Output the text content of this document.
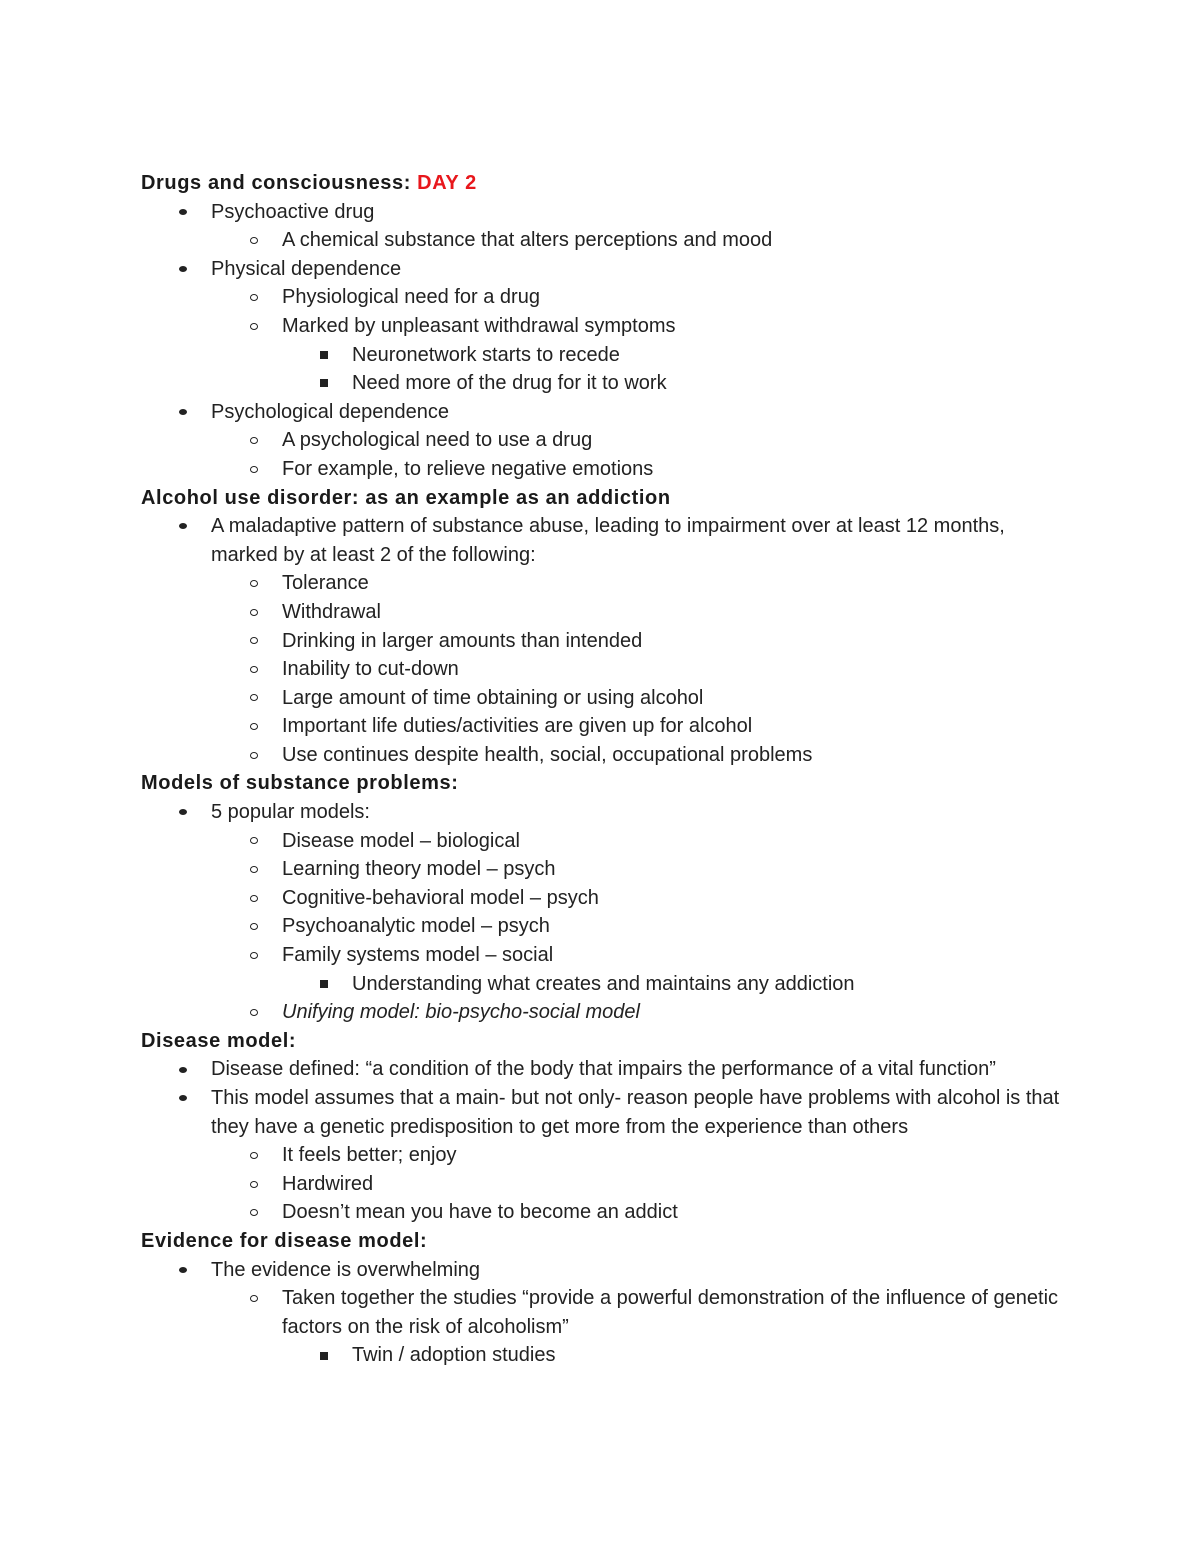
Drugs and consciousness: DAY 2
Psychoactive drug
A chemical substance that alters perceptions and mood
Physical dependence
Physiological need for a drug
Marked by unpleasant withdrawal symptoms
Neuronetwork starts to recede
Need more of the drug for it to work
Psychological dependence
A psychological need to use a drug
For example, to relieve negative emotions
Alcohol use disorder: as an example as an addiction
A maladaptive pattern of substance abuse, leading to impairment over at least 12 months, marked by at least 2 of the following:
Tolerance
Withdrawal
Drinking in larger amounts than intended
Inability to cut-down
Large amount of time obtaining or using alcohol
Important life duties/activities are given up for alcohol
Use continues despite health, social, occupational problems
Models of substance problems:
5 popular models:
Disease model – biological
Learning theory model – psych
Cognitive-behavioral model – psych
Psychoanalytic model – psych
Family systems model – social
Understanding what creates and maintains any addiction
Unifying model: bio-psycho-social model
Disease model:
Disease defined: “a condition of the body that impairs the performance of a vital function”
This model assumes that a main- but not only- reason people have problems with alcohol is that they have a genetic predisposition to get more from the experience than others
It feels better; enjoy
Hardwired
Doesn’t mean you have to become an addict
Evidence for disease model:
The evidence is overwhelming
Taken together the studies “provide a powerful demonstration of the influence of genetic factors on the risk of alcoholism”
Twin / adoption studies
